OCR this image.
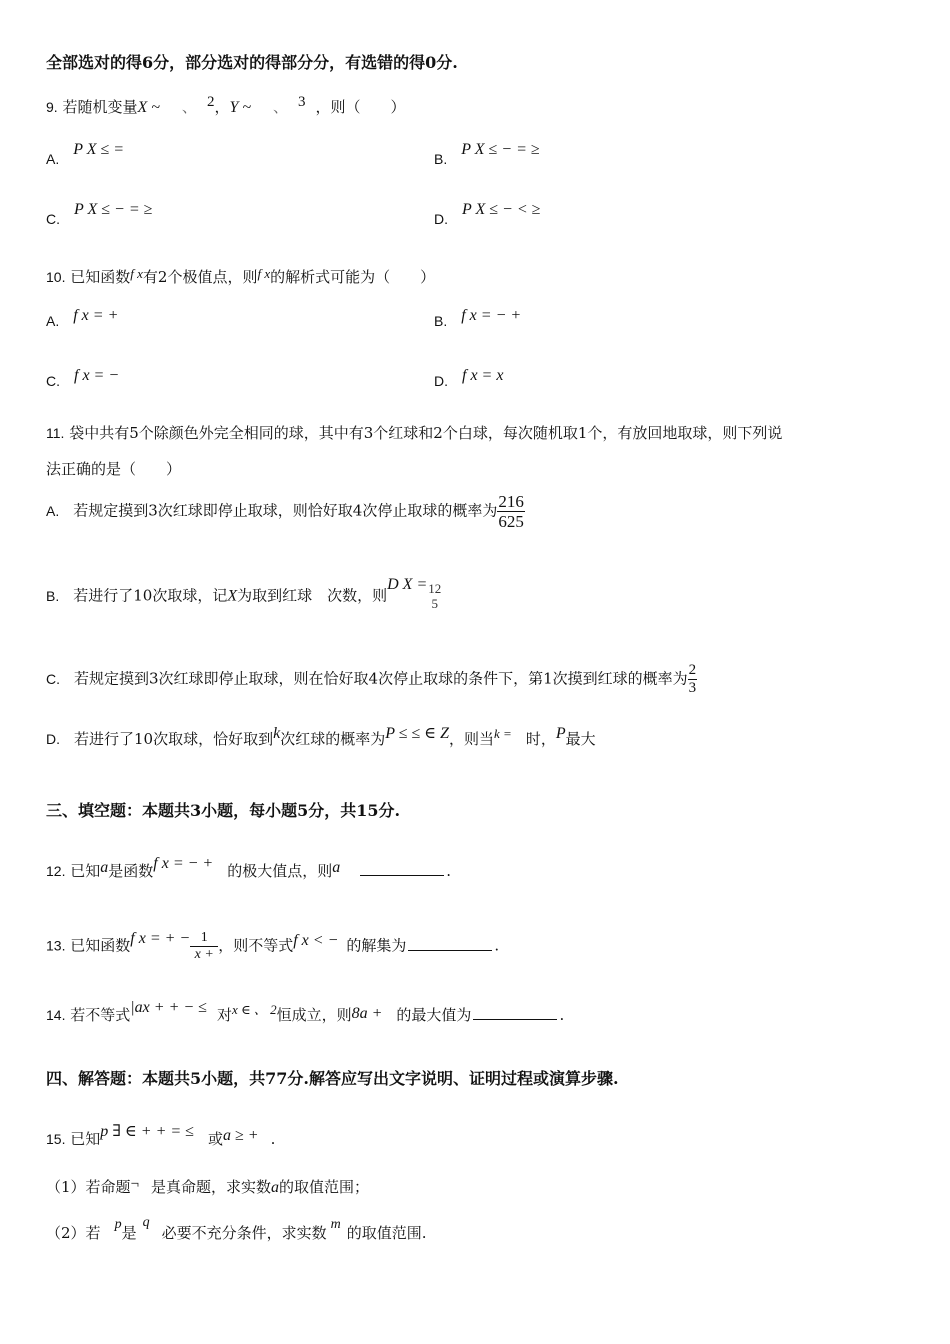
全部选对的得6分，部分选对的得部分分，有选错的得0分.
9. 若随机变量X ~ 、 2，Y ~ 、 3 ，则（　　）
A.P X ≤ =
B.P X ≤ − = ≥
C.P X ≤ − = ≥
D.P X ≤ − < ≥
10. 已知函数f x有2个极值点，则f x的解析式可能为（　　）
A. f x = +	B. f x = − +
C. f x = −	D. f x = x
11. 袋中共有5个除颜色外完全相同的球，其中有3个红球和2个白球，每次随机取1个，有放回地取球，则下列说
法正确的是（　　）
A. 若规定摸到3次红球即停止取球，则恰好取4次停止取球的概率为 $\frac{216}{625}$
B. 若进行了10次取球，记X为取到红球　次数，则D $X = \frac{12}{5}$
C. 若规定摸到3次红球即停止取球，则在恰好取4次停止取球的条件下，第1次摸到红球的概率为 $\frac{2}{3}$
D. 若进行了10次取球，恰好取到k次红球的概率为P ≤ ≤ ∈ Z，则当k = 时，P最大
三、填空题：本题共3小题，每小题5分，共15分.
12. 已知a是函数f x = − + 的极大值点，则a	.
13. 已知函数f x = + − $\frac{1}{x +}$ ，则不等式f x < − 的解集为	.
14. 若不等式|ax + + − ≤ 对x ∈ 、 2恒成立，则8a + 的最大值为	.
四、解答题：本题共5小题，共77分.解答应写出文字说明、证明过程或演算步骤.
15. 已知p ∃ ∈ + + = ≤ 或a ≥ + .
（1）若命题¬ 是真命题，求实数a的取值范围；
（2）若 p是q必要不充分条件，求实数 m 的取值范围.
